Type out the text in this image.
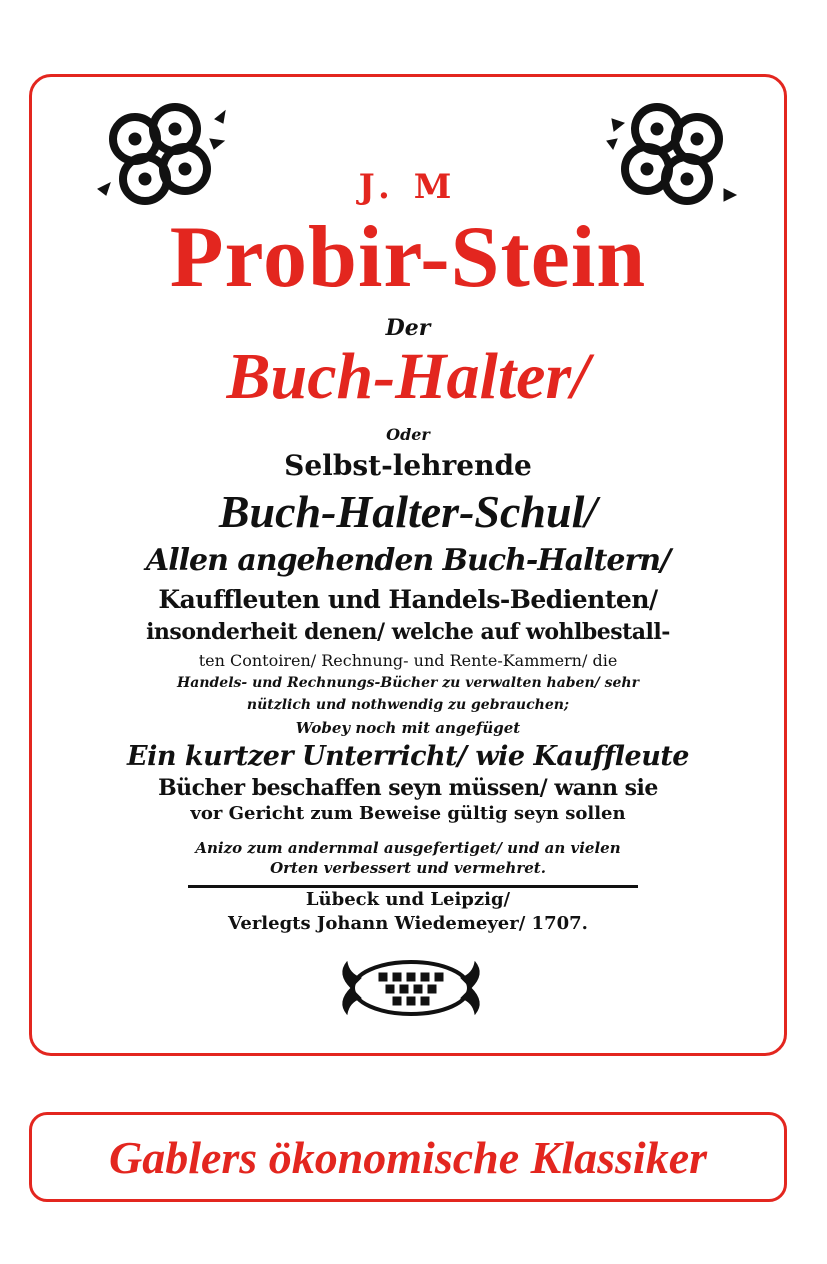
J. M
Probir-Stein
Der
Buch-Halter/
Oder
Selbst-lehrende
Buch-Halter-Schul/
Allen angehenden Buch-Haltern/
Kauffleuten und Handels-Bedienten/
insonderheit denen/ welche auf wohlbestall-
ten Contoiren/ Rechnung- und Rente-Kammern/ die
Handels- und Rechnungs-Bücher zu verwalten haben/ sehr
nützlich und nothwendig zu gebrauchen;
Wobey noch mit angefüget
Ein kurtzer Unterricht/ wie Kauffleute
Bücher beschaffen seyn müssen/ wann sie
vor Gericht zum Beweise gültig seyn sollen
Anizo zum andernmal ausgefertiget/ und an vielen
Orten verbessert und vermehret.
Lübeck und Leipzig/
Verlegts Johann Wiedemeyer/ 1707.
Gablers ökonomische Klassiker
